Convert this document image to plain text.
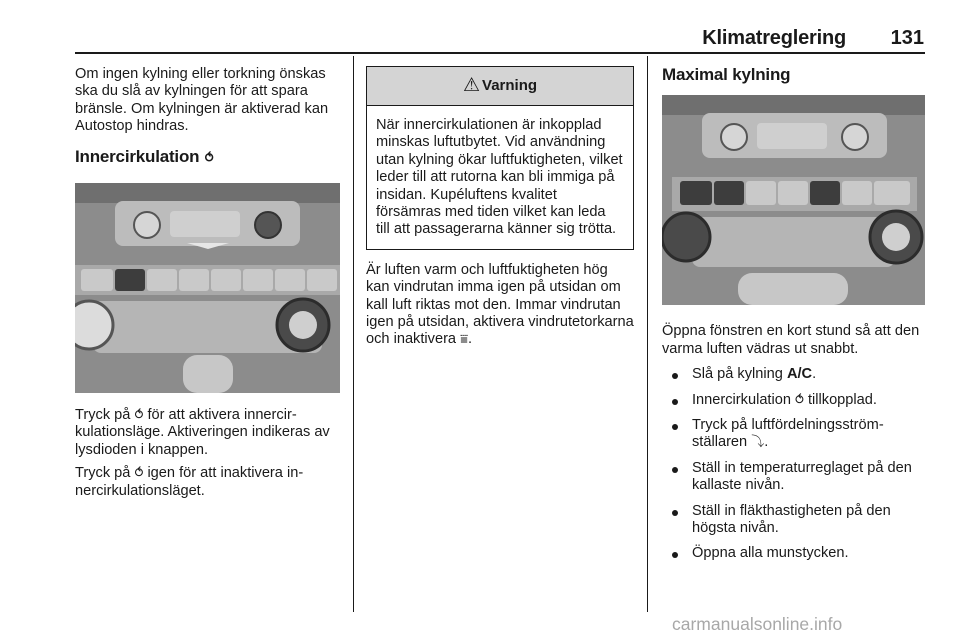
Klimatreglering	131

Om ingen kylning eller torkning önskas ska du slå av kylningen för att spara bränsle. Om kylningen är aktiverad kan Autostop hindras.

Innercirkulation ⥀

Tryck på ⥀ för att aktivera innercirkulationsläge. Aktiveringen indikeras av lysdioden i knappen.

Tryck på ⥀ igen för att inaktivera innercirkulationsläget.

⚠ Varning
När innercirkulationen är inkopplad minskas luftutbytet. Vid användning utan kylning ökar luftfuktigheten, vilket leder till att rutorna kan bli immiga på insidan. Kupéluftens kvalitet försämras med tiden vilket kan leda till att passagerarna känner sig trötta.

Är luften varm och luftfuktigheten hög kan vindrutan imma igen på utsidan om kall luft riktas mot den. Immar vindrutan igen på utsidan, aktivera vindrutetorkarna och inaktivera ⩸.

Maximal kylning

Öppna fönstren en kort stund så att den varma luften vädras ut snabbt.

Slå på kylning A/C.
Innercirkulation ⥀ tillkopplad.
Tryck på luftfördelningsströmställaren ⤵.
Ställ in temperaturreglaget på den kallaste nivån.
Ställ in fläkthastigheten på den högsta nivån.
Öppna alla munstycken.
carmanualsonline.info
